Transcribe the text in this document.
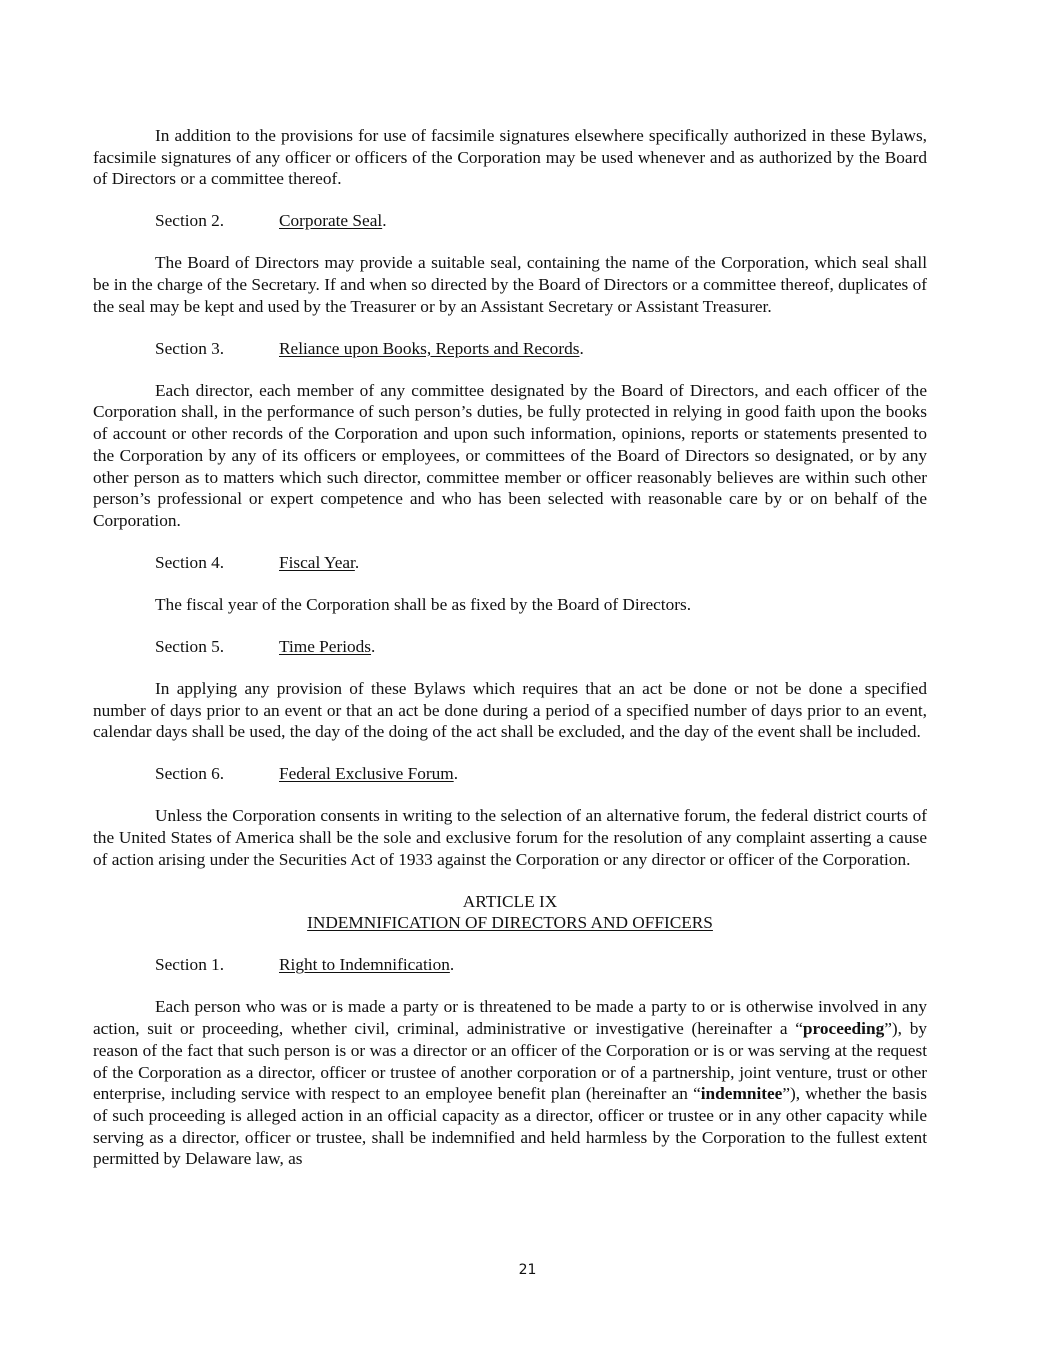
In addition to the provisions for use of facsimile signatures elsewhere specifically authorized in these Bylaws, facsimile signatures of any officer or officers of the Corporation may be used whenever and as authorized by the Board of Directors or a committee thereof.

Section 2.	Corporate Seal.

The Board of Directors may provide a suitable seal, containing the name of the Corporation, which seal shall be in the charge of the Secretary. If and when so directed by the Board of Directors or a committee thereof, duplicates of the seal may be kept and used by the Treasurer or by an Assistant Secretary or Assistant Treasurer.

Section 3.	Reliance upon Books, Reports and Records.

Each director, each member of any committee designated by the Board of Directors, and each officer of the Corporation shall, in the performance of such person’s duties, be fully protected in relying in good faith upon the books of account or other records of the Corporation and upon such information, opinions, reports or statements presented to the Corporation by any of its officers or employees, or committees of the Board of Directors so designated, or by any other person as to matters which such director, committee member or officer reasonably believes are within such other person’s professional or expert competence and who has been selected with reasonable care by or on behalf of the Corporation.

Section 4.	Fiscal Year.

The fiscal year of the Corporation shall be as fixed by the Board of Directors.

Section 5.	Time Periods.

In applying any provision of these Bylaws which requires that an act be done or not be done a specified number of days prior to an event or that an act be done during a period of a specified number of days prior to an event, calendar days shall be used, the day of the doing of the act shall be excluded, and the day of the event shall be included.

Section 6.	Federal Exclusive Forum.

Unless the Corporation consents in writing to the selection of an alternative forum, the federal district courts of the United States of America shall be the sole and exclusive forum for the resolution of any complaint asserting a cause of action arising under the Securities Act of 1933 against the Corporation or any director or officer of the Corporation.

ARTICLE IX
INDEMNIFICATION OF DIRECTORS AND OFFICERS
Section 1.	Right to Indemnification.

Each person who was or is made a party or is threatened to be made a party to or is otherwise involved in any action, suit or proceeding, whether civil, criminal, administrative or investigative (hereinafter a “proceeding”), by reason of the fact that such person is or was a director or an officer of the Corporation or is or was serving at the request of the Corporation as a director, officer or trustee of another corporation or of a partnership, joint venture, trust or other enterprise, including service with respect to an employee benefit plan (hereinafter an “indemnitee”), whether the basis of such proceeding is alleged action in an official capacity as a director, officer or trustee or in any other capacity while serving as a director, officer or trustee, shall be indemnified and held harmless by the Corporation to the fullest extent permitted by Delaware law, as

21
